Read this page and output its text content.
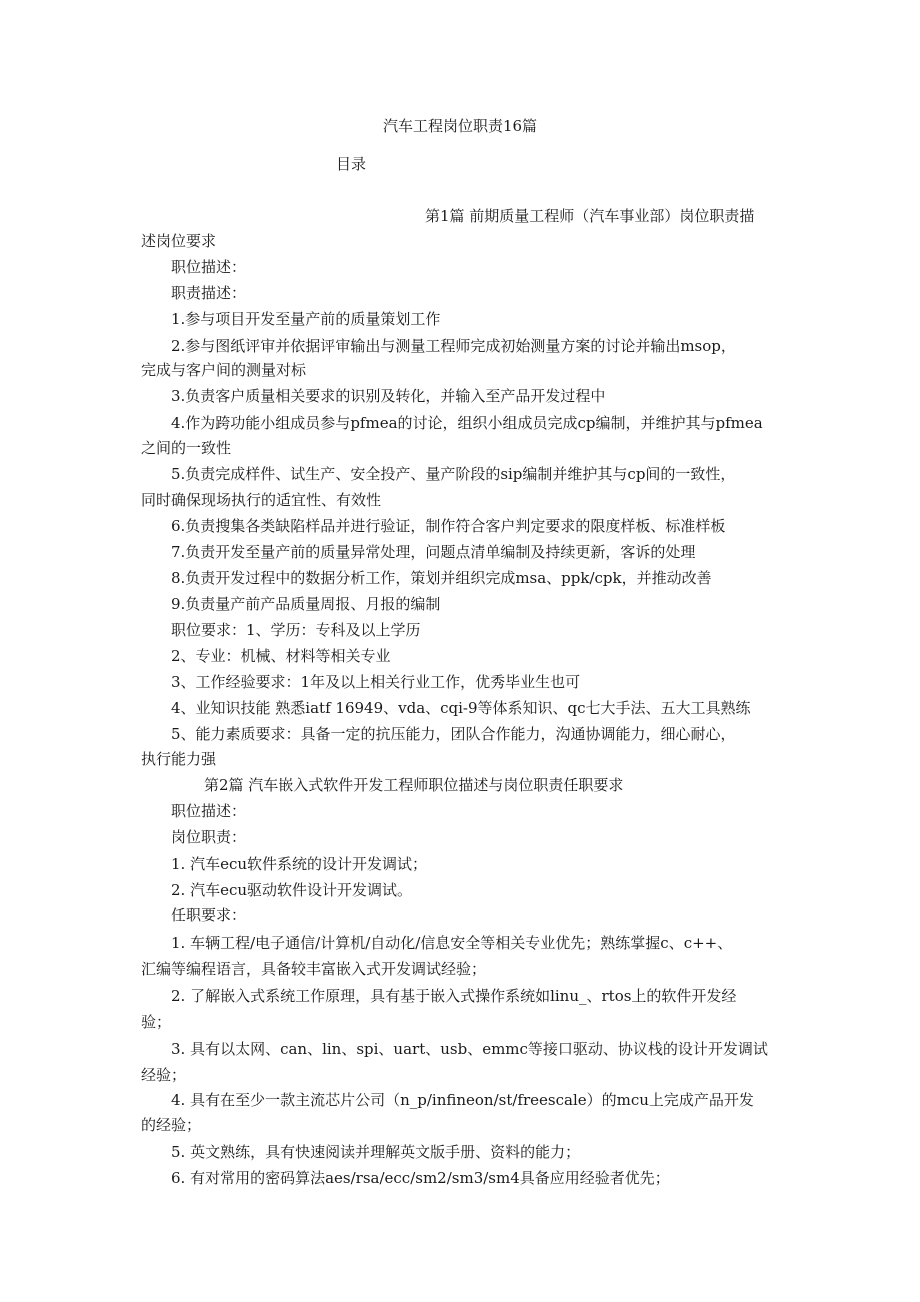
汽车工程岗位职责16篇
目录
第1篇 前期质量工程师（汽车事业部）岗位职责描
述岗位要求
职位描述：
职责描述：
1.参与项目开发至量产前的质量策划工作
2.参与图纸评审并依据评审输出与测量工程师完成初始测量方案的讨论并输出msop，
完成与客户间的测量对标
3.负责客户质量相关要求的识别及转化，并输入至产品开发过程中
4.作为跨功能小组成员参与pfmea的讨论，组织小组成员完成cp编制，并维护其与pfmea
之间的一致性
5.负责完成样件、试生产、安全投产、量产阶段的sip编制并维护其与cp间的一致性，
同时确保现场执行的适宜性、有效性
6.负责搜集各类缺陷样品并进行验证，制作符合客户判定要求的限度样板、标准样板
7.负责开发至量产前的质量异常处理，问题点清单编制及持续更新，客诉的处理
8.负责开发过程中的数据分析工作，策划并组织完成msa、ppk/cpk，并推动改善
9.负责量产前产品质量周报、月报的编制
职位要求：1、学历：专科及以上学历
2、专业：机械、材料等相关专业
3、工作经验要求：1年及以上相关行业工作，优秀毕业生也可
4、业知识技能 熟悉iatf 16949、vda、cqi-9等体系知识、qc七大手法、五大工具熟练
5、能力素质要求：具备一定的抗压能力，团队合作能力，沟通协调能力，细心耐心，
执行能力强
第2篇 汽车嵌入式软件开发工程师职位描述与岗位职责任职要求
职位描述：
岗位职责：
1. 汽车ecu软件系统的设计开发调试；
2. 汽车ecu驱动软件设计开发调试。
任职要求：
1. 车辆工程/电子通信/计算机/自动化/信息安全等相关专业优先；熟练掌握c、c++、
汇编等编程语言，具备较丰富嵌入式开发调试经验；
2. 了解嵌入式系统工作原理，具有基于嵌入式操作系统如linu_、rtos上的软件开发经
验；
3. 具有以太网、can、lin、spi、uart、usb、emmc等接口驱动、协议栈的设计开发调试
经验；
4. 具有在至少一款主流芯片公司（n_p/infineon/st/freescale）的mcu上完成产品开发
的经验；
5. 英文熟练，具有快速阅读并理解英文版手册、资料的能力；
6. 有对常用的密码算法aes/rsa/ecc/sm2/sm3/sm4具备应用经验者优先；
